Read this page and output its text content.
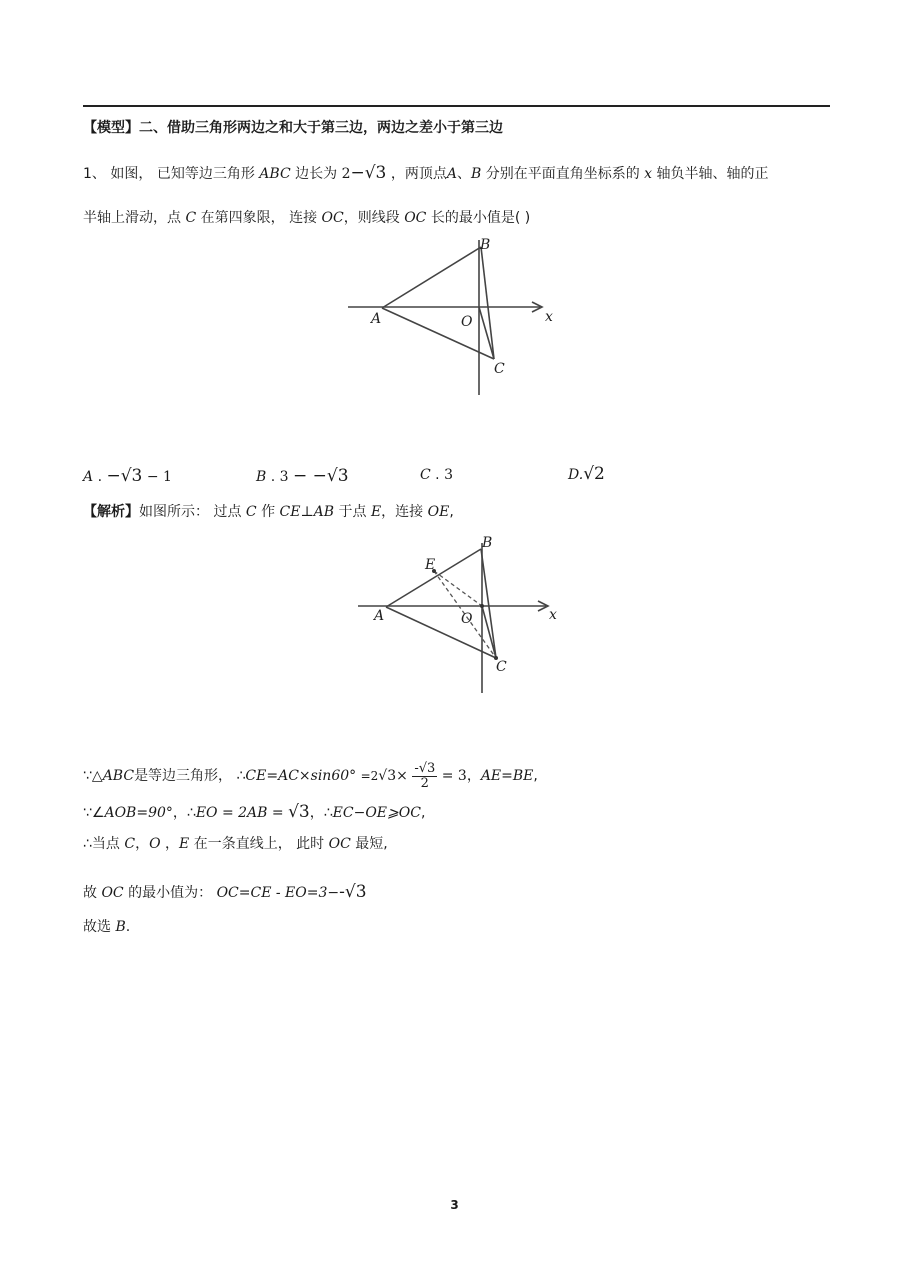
【模型】二、借助三角形两边之和大于第三边，两边之差小于第三边
1、 如图， 已知等边三角形 ABC 边长为 2−√3 ，两顶点A、B 分别在平面直角坐标系的 x 轴负半轴、轴的正
半轴上滑动，点 C 在第四象限， 连接 OC，则线段 OC 长的最小值是( )
A
B
O
C
x
A . −√3 − 1	B . 3 − −√3	C . 3	D.√2
【解析】如图所示： 过点 C 作 CE⊥AB 于点 E，连接 OE,
E
B
A	O
C
x
∵△ABC是等边三角形， ∴CE=AC×sin60° $=2√3\times \frac{-√3}{2} = 3$，AE=BE,
∵∠AOB=90°，∴EO = 2AB = √3，∴EC−OE⩾OC,
∴当点 C，O ，E 在一条直线上， 此时 OC 最短,
故 OC 的最小值为： OC=CE - EO=3−-√3
故选 B.
3
